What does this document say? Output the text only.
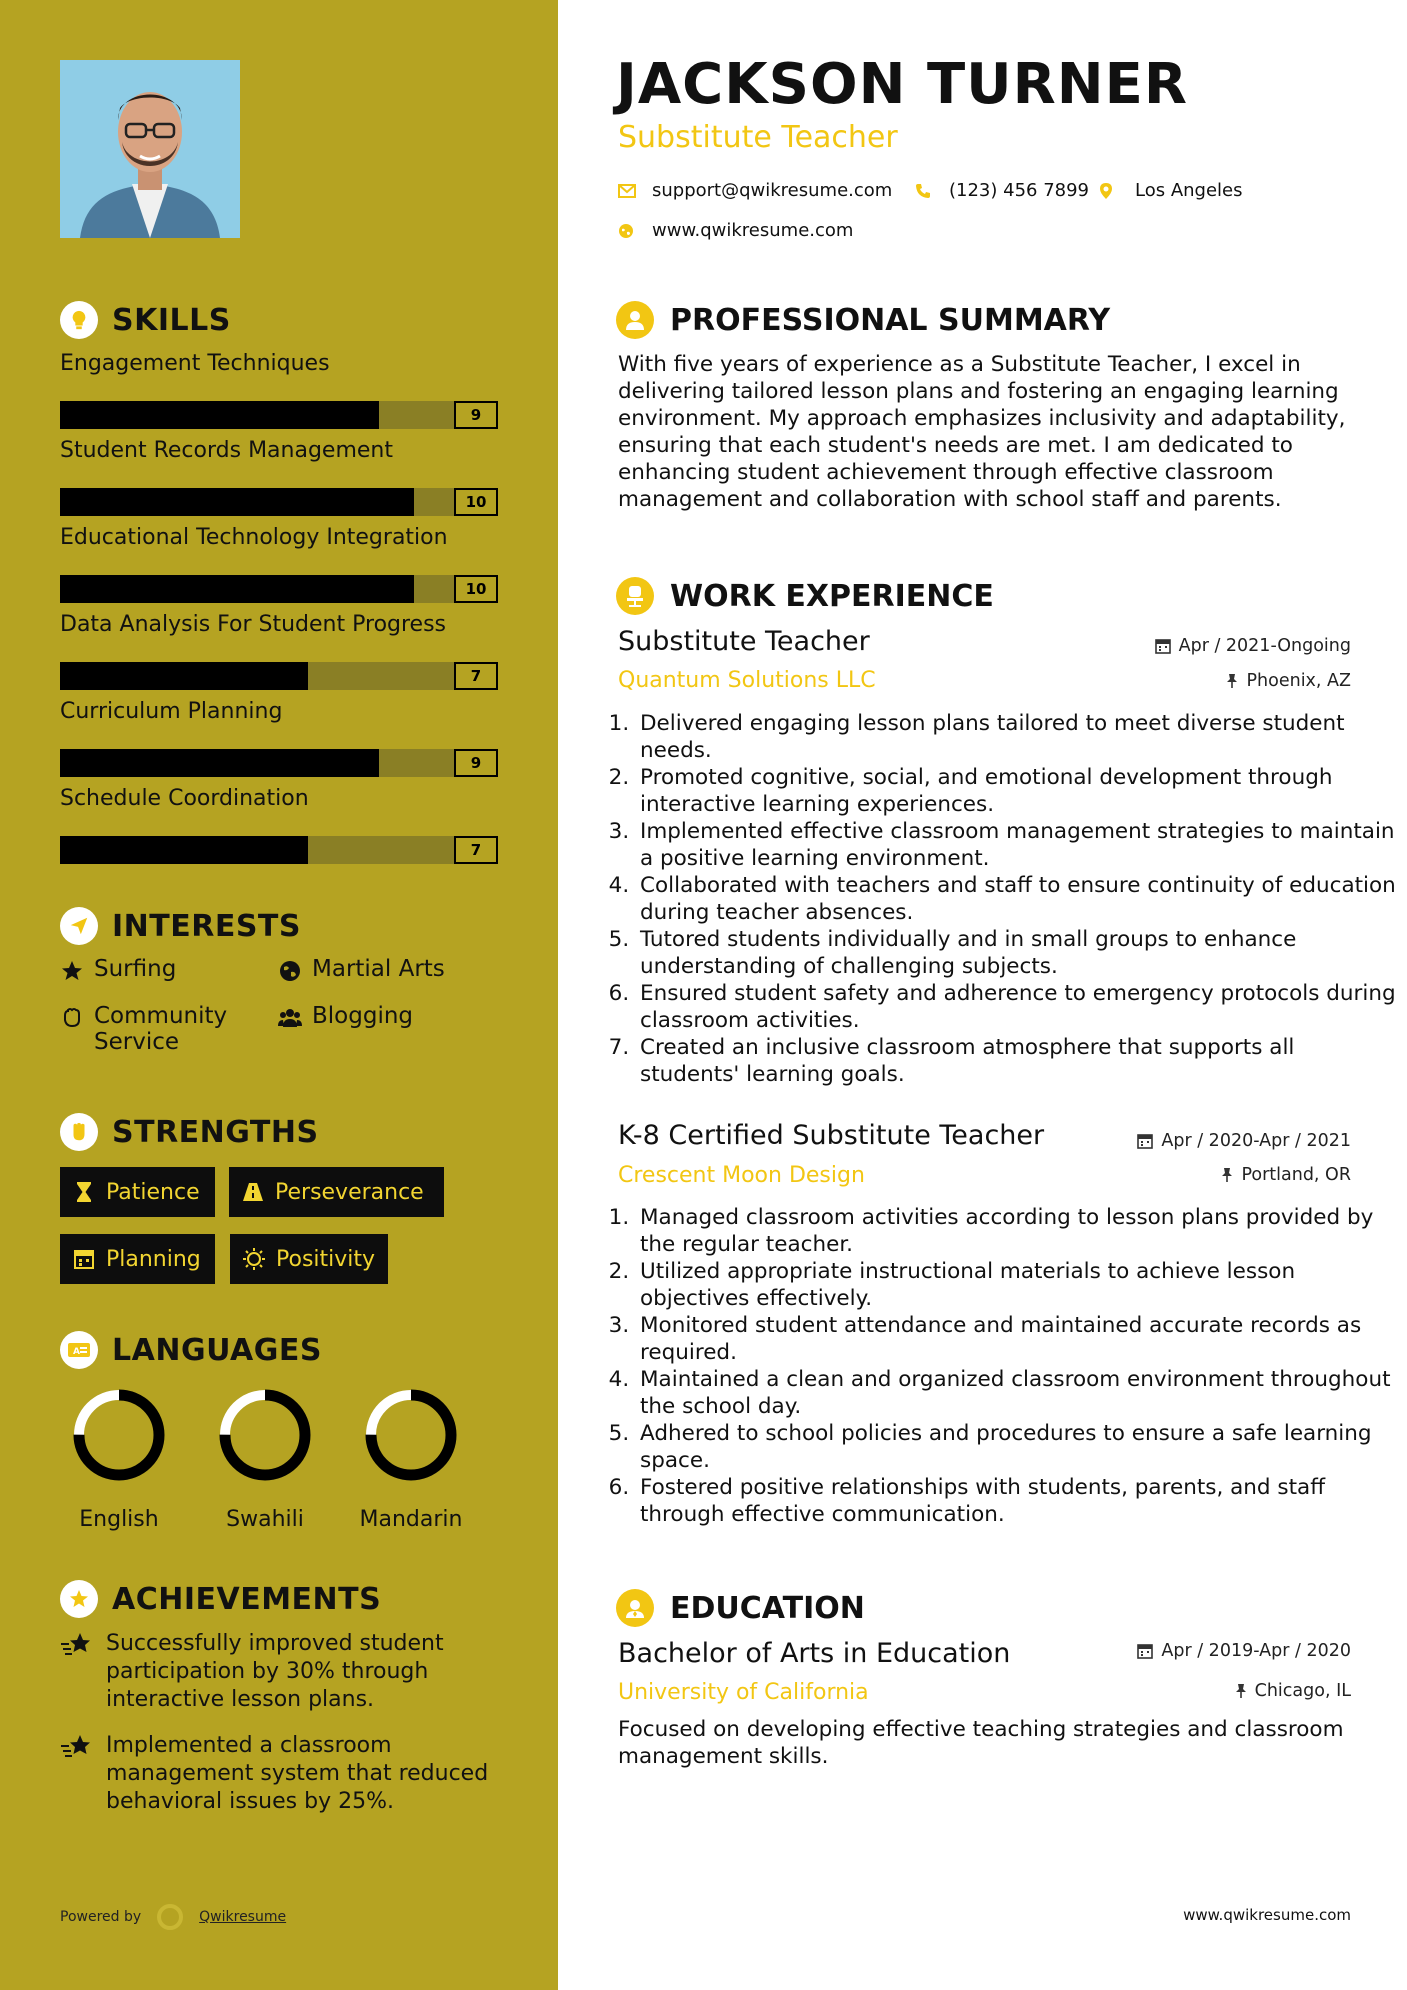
SKILLS
Engagement Techniques
9
Student Records Management
10
Educational Technology Integration
10
Data Analysis For Student Progress
7
Curriculum Planning
9
Schedule Coordination
7
INTERESTS
Surfing	Martial Arts
Community Service
Blogging
STRENGTHS
Patience	Perseverance
Planning	Positivity
A LANGUAGES
English	Swahili	Mandarin
ACHIEVEMENTS
Successfully improved student participation by 30% through interactive lesson plans.
Implemented a classroom management system that reduced behavioral issues by 25%.
Powered by	Qwikresume
JACKSON TURNER
Substitute Teacher
support@qwikresume.com	(123) 456 7899	Los Angeles
www.qwikresume.com
PROFESSIONAL SUMMARY
With five years of experience as a Substitute Teacher, I excel in delivering tailored lesson plans and fostering an engaging learning environment. My approach emphasizes inclusivity and adaptability, ensuring that each student's needs are met. I am dedicated to enhancing student achievement through effective classroom management and collaboration with school staff and parents.
WORK EXPERIENCE
Substitute Teacher
Quantum Solutions LLC
Apr / 2021-Ongoing
Phoenix, AZ
1. Delivered engaging lesson plans tailored to meet diverse student needs.
2. Promoted cognitive, social, and emotional development through interactive learning experiences.
3. Implemented effective classroom management strategies to maintain a positive learning environment.
4. Collaborated with teachers and staff to ensure continuity of education during teacher absences.
5. Tutored students individually and in small groups to enhance understanding of challenging subjects.
6. Ensured student safety and adherence to emergency protocols during classroom activities.
7. Created an inclusive classroom atmosphere that supports all students' learning goals.
K-8 Certified Substitute Teacher
Crescent Moon Design
Apr / 2020-Apr / 2021
Portland, OR
1. Managed classroom activities according to lesson plans provided by the regular teacher.
2. Utilized appropriate instructional materials to achieve lesson objectives effectively.
3. Monitored student attendance and maintained accurate records as required.
4. Maintained a clean and organized classroom environment throughout the school day.
5. Adhered to school policies and procedures to ensure a safe learning space.
6. Fostered positive relationships with students, parents, and staff through effective communication.
EDUCATION
Bachelor of Arts in Education
University of California
Apr / 2019-Apr / 2020
Chicago, IL
Focused on developing effective teaching strategies and classroom management skills.
www.qwikresume.com
